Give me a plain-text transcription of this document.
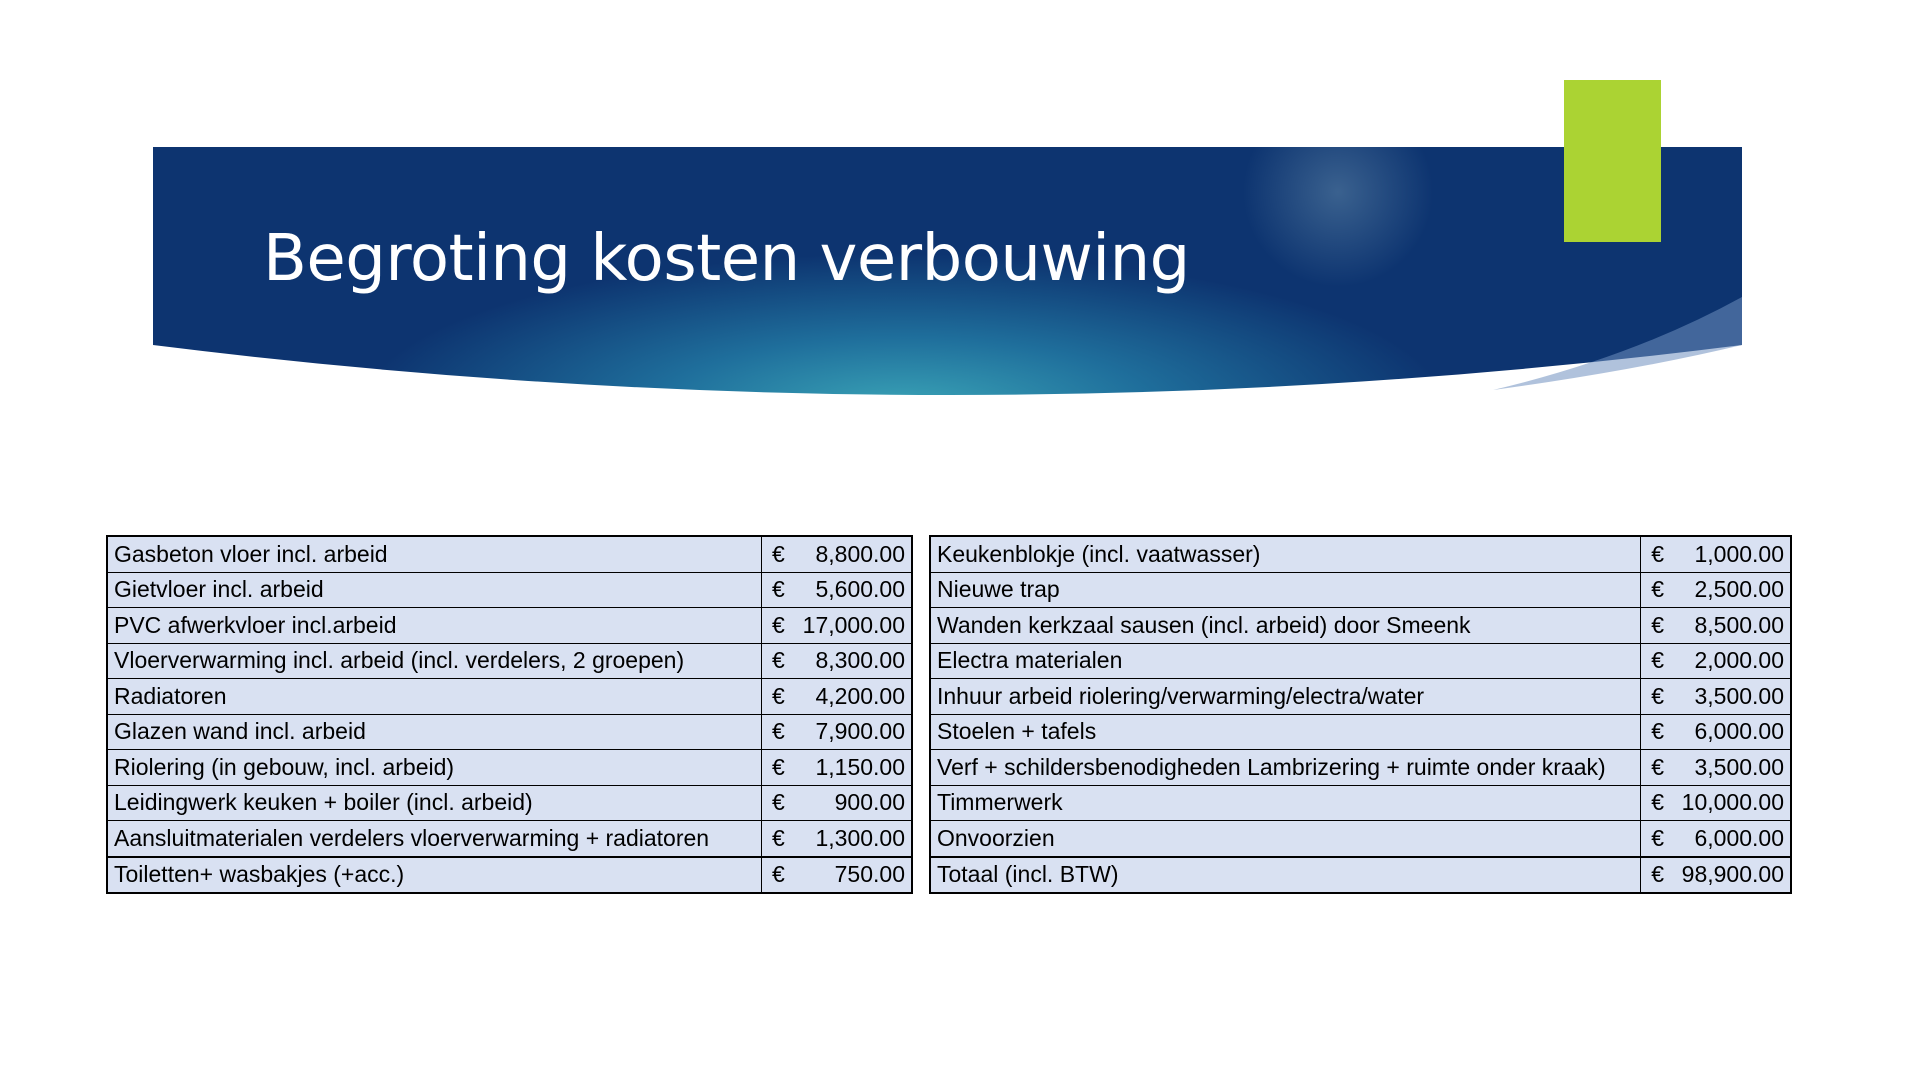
Begroting kosten verbouwing
Gasbeton vloer incl. arbeid	€ 8,800.00

Gietvloer incl. arbeid	€ 5,600.00

PVC afwerkvloer incl.arbeid	€ 17,000.00

Vloerverwarming incl. arbeid (incl. verdelers, 2 groepen)	€ 8,300.00

Radiatoren	€ 4,200.00

Glazen wand incl. arbeid	€ 7,900.00

Riolering (in gebouw, incl. arbeid)	€ 1,150.00

Leidingwerk keuken + boiler (incl. arbeid)	€ 900.00

Aansluitmaterialen verdelers vloerverwarming + radiatoren	€ 1,300.00

Toiletten+ wasbakjes (+acc.)	€ 750.00
Keukenblokje (incl. vaatwasser)	€ 1,000.00

Nieuwe trap	€ 2,500.00

Wanden kerkzaal sausen (incl. arbeid) door Smeenk	€ 8,500.00

Electra materialen	€ 2,000.00

Inhuur arbeid riolering/verwarming/electra/water	€ 3,500.00

Stoelen + tafels	€ 6,000.00

Verf + schildersbenodigheden Lambrizering + ruimte onder kraak)	€ 3,500.00

Timmerwerk	€ 10,000.00

Onvoorzien	€ 6,000.00

Totaal (incl. BTW)	€ 98,900.00
